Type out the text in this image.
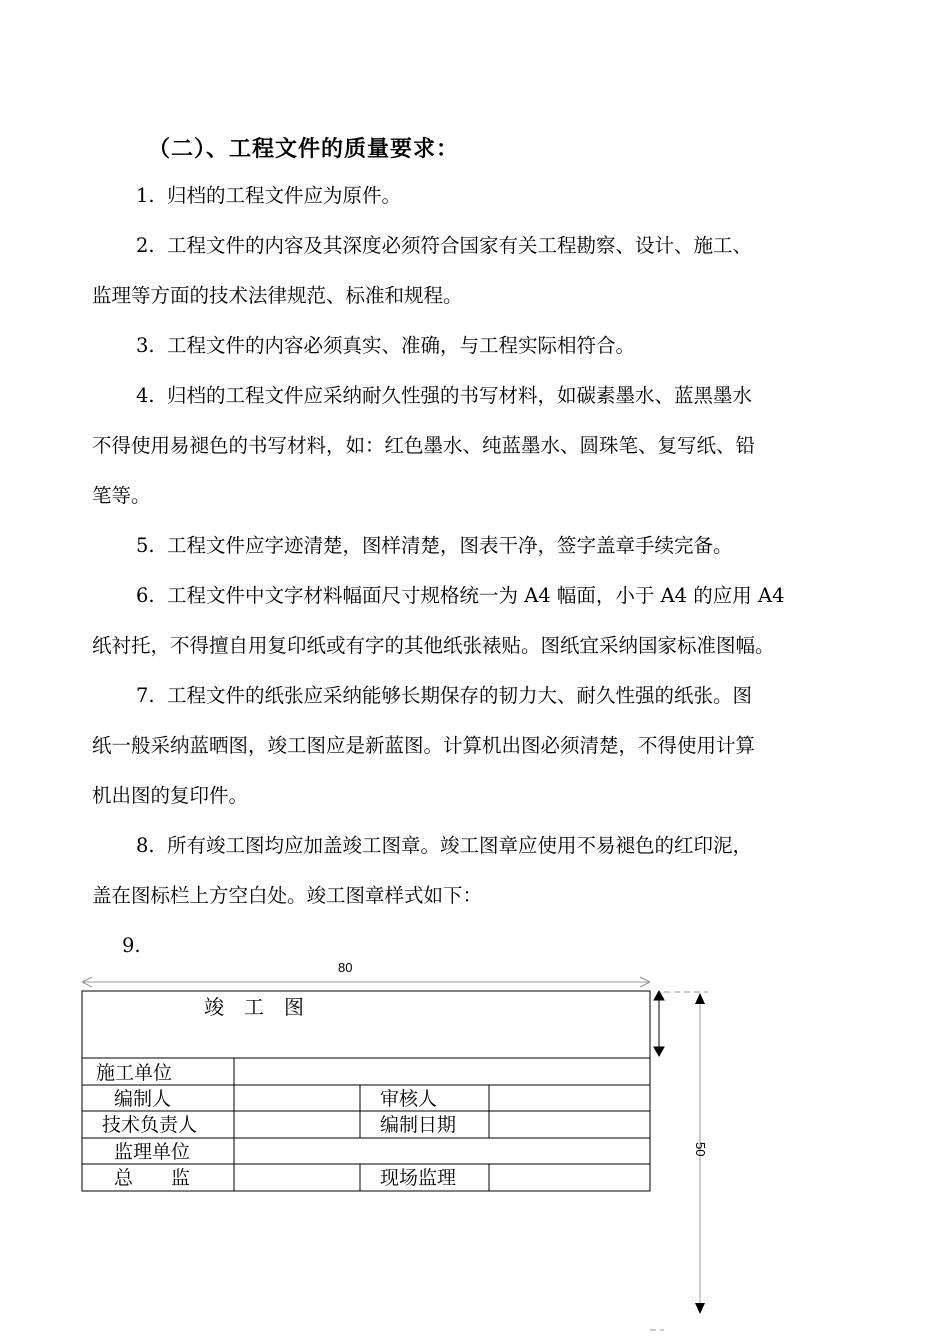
（二）、工程文件的质量要求：
1. 归档的工程文件应为原件。
2. 工程文件的内容及其深度必须符合国家有关工程勘察、设计、施工、
监理等方面的技术法律规范、标准和规程。
3. 工程文件的内容必须真实、准确，与工程实际相符合。
4. 归档的工程文件应采纳耐久性强的书写材料，如碳素墨水、蓝黑墨水
不得使用易褪色的书写材料，如：红色墨水、纯蓝墨水、圆珠笔、复写纸、铅
笔等。
5. 工程文件应字迹清楚，图样清楚，图表干净，签字盖章手续完备。
6. 工程文件中文字材料幅面尺寸规格统一为 A4 幅面，小于 A4 的应用 A4
纸衬托，不得擅自用复印纸或有字的其他纸张裱贴。图纸宜采纳国家标准图幅。
7. 工程文件的纸张应采纳能够长期保存的韧力大、耐久性强的纸张。图
纸一般采纳蓝晒图，竣工图应是新蓝图。计算机出图必须清楚，不得使用计算
机出图的复印件。
8. 所有竣工图均应加盖竣工图章。竣工图章应使用不易褪色的红印泥，
盖在图标栏上方空白处。竣工图章样式如下：
9.
80
50
竣　工　图
施工单位
编制人	审核人
技术负责人	编制日期
监理单位
总　　监	现场监理
